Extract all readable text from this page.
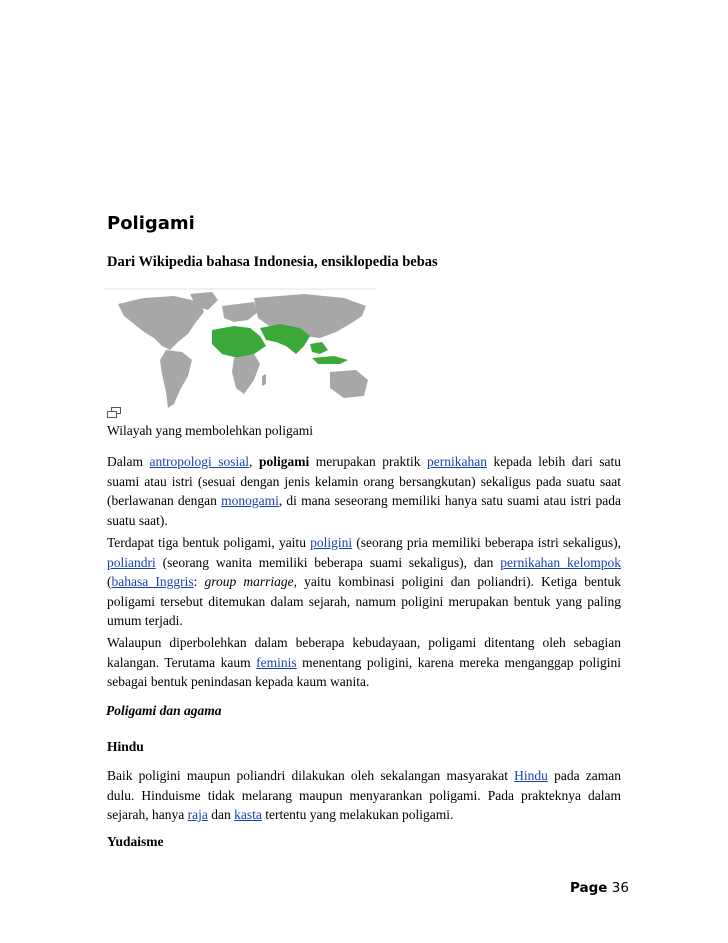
Poligami

Dari Wikipedia bahasa Indonesia, ensiklopedia bebas

Wilayah yang membolehkan poligami

Dalam antropologi sosial, poligami merupakan praktik pernikahan kepada lebih dari satu suami atau istri (sesuai dengan jenis kelamin orang bersangkutan) sekaligus pada suatu saat (berlawanan dengan monogami, di mana seseorang memiliki hanya satu suami atau istri pada suatu saat).

Terdapat tiga bentuk poligami, yaitu poligini (seorang pria memiliki beberapa istri sekaligus), poliandri (seorang wanita memiliki beberapa suami sekaligus), dan pernikahan kelompok (bahasa Inggris: group marriage, yaitu kombinasi poligini dan poliandri). Ketiga bentuk poligami tersebut ditemukan dalam sejarah, namum poligini merupakan bentuk yang paling umum terjadi.

Walaupun diperbolehkan dalam beberapa kebudayaan, poligami ditentang oleh sebagian kalangan. Terutama kaum feminis menentang poligini, karena mereka menganggap poligini sebagai bentuk penindasan kepada kaum wanita.

Poligami dan agama

Hindu

Baik poligini maupun poliandri dilakukan oleh sekalangan masyarakat Hindu pada zaman dulu. Hinduisme tidak melarang maupun menyarankan poligami. Pada prakteknya dalam sejarah, hanya raja dan kasta tertentu yang melakukan poligami.

Yudaisme

Page 36
